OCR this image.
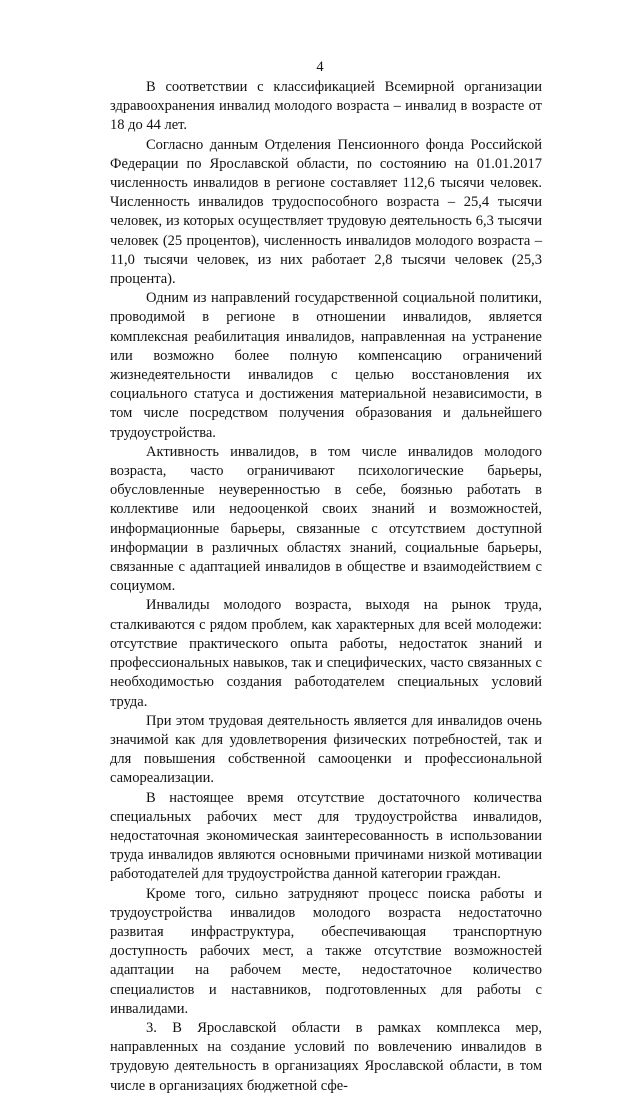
4

В соответствии с классификацией Всемирной организации здравоохранения инвалид молодого возраста – инвалид в возрасте от 18 до 44 лет.

Согласно данным Отделения Пенсионного фонда Российской Федерации по Ярославской области, по состоянию на 01.01.2017 численность инвалидов в регионе составляет 112,6 тысячи человек. Численность инвалидов трудоспособного возраста – 25,4 тысячи человек, из которых осуществляет трудовую деятельность 6,3 тысячи человек (25 процентов), численность инвалидов молодого возраста – 11,0 тысячи человек, из них работает 2,8 тысячи человек (25,3 процента).

Одним из направлений государственной социальной политики, проводимой в регионе в отношении инвалидов, является комплексная реабилитация инвалидов, направленная на устранение или возможно более полную компенсацию ограничений жизнедеятельности инвалидов с целью восстановления их социального статуса и достижения материальной независимости, в том числе посредством получения образования и дальнейшего трудоустройства.

Активность инвалидов, в том числе инвалидов молодого возраста, часто ограничивают психологические барьеры, обусловленные неуверенностью в себе, боязнью работать в коллективе или недооценкой своих знаний и возможностей, информационные барьеры, связанные с отсутствием доступной информации в различных областях знаний, социальные барьеры, связанные с адаптацией инвалидов в обществе и взаимодействием с социумом.

Инвалиды молодого возраста, выходя на рынок труда, сталкиваются с рядом проблем, как характерных для всей молодежи: отсутствие практического опыта работы, недостаток знаний и профессиональных навыков, так и специфических, часто связанных с необходимостью создания работодателем специальных условий труда.

При этом трудовая деятельность является для инвалидов очень значимой как для удовлетворения физических потребностей, так и для повышения собственной самооценки и профессиональной самореализации.

В настоящее время отсутствие достаточного количества специальных рабочих мест для трудоустройства инвалидов, недостаточная экономическая заинтересованность в использовании труда инвалидов являются основными причинами низкой мотивации работодателей для трудоустройства данной категории граждан.

Кроме того, сильно затрудняют процесс поиска работы и трудоустройства инвалидов молодого возраста недостаточно развитая инфраструктура, обеспечивающая транспортную доступность рабочих мест, а также отсутствие возможностей адаптации на рабочем месте, недостаточное количество специалистов и наставников, подготовленных для работы с инвалидами.

3. В Ярославской области в рамках комплекса мер, направленных на создание условий по вовлечению инвалидов в трудовую деятельность в организациях Ярославской области, в том числе в организациях бюджетной сфе-
